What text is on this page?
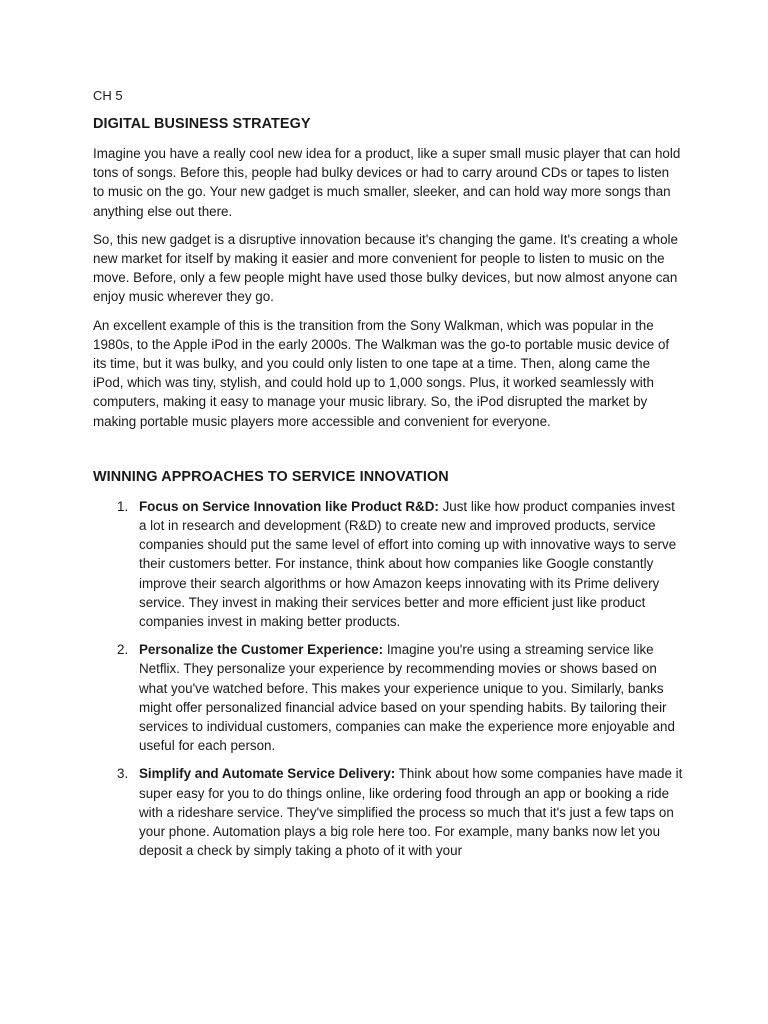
CH 5
DIGITAL BUSINESS STRATEGY

Imagine you have a really cool new idea for a product, like a super small music player that can hold tons of songs. Before this, people had bulky devices or had to carry around CDs or tapes to listen to music on the go. Your new gadget is much smaller, sleeker, and can hold way more songs than anything else out there.

So, this new gadget is a disruptive innovation because it's changing the game. It's creating a whole new market for itself by making it easier and more convenient for people to listen to music on the move. Before, only a few people might have used those bulky devices, but now almost anyone can enjoy music wherever they go.

An excellent example of this is the transition from the Sony Walkman, which was popular in the 1980s, to the Apple iPod in the early 2000s. The Walkman was the go-to portable music device of its time, but it was bulky, and you could only listen to one tape at a time. Then, along came the iPod, which was tiny, stylish, and could hold up to 1,000 songs. Plus, it worked seamlessly with computers, making it easy to manage your music library. So, the iPod disrupted the market by making portable music players more accessible and convenient for everyone.

WINNING APPROACHES TO SERVICE INNOVATION
1. Focus on Service Innovation like Product R&D: Just like how product companies invest a lot in research and development (R&D) to create new and improved products, service companies should put the same level of effort into coming up with innovative ways to serve their customers better. For instance, think about how companies like Google constantly improve their search algorithms or how Amazon keeps innovating with its Prime delivery service. They invest in making their services better and more efficient just like product companies invest in making better products.
2. Personalize the Customer Experience: Imagine you're using a streaming service like Netflix. They personalize your experience by recommending movies or shows based on what you've watched before. This makes your experience unique to you. Similarly, banks might offer personalized financial advice based on your spending habits. By tailoring their services to individual customers, companies can make the experience more enjoyable and useful for each person.
3. Simplify and Automate Service Delivery: Think about how some companies have made it super easy for you to do things online, like ordering food through an app or booking a ride with a rideshare service. They've simplified the process so much that it's just a few taps on your phone. Automation plays a big role here too. For example, many banks now let you deposit a check by simply taking a photo of it with your
